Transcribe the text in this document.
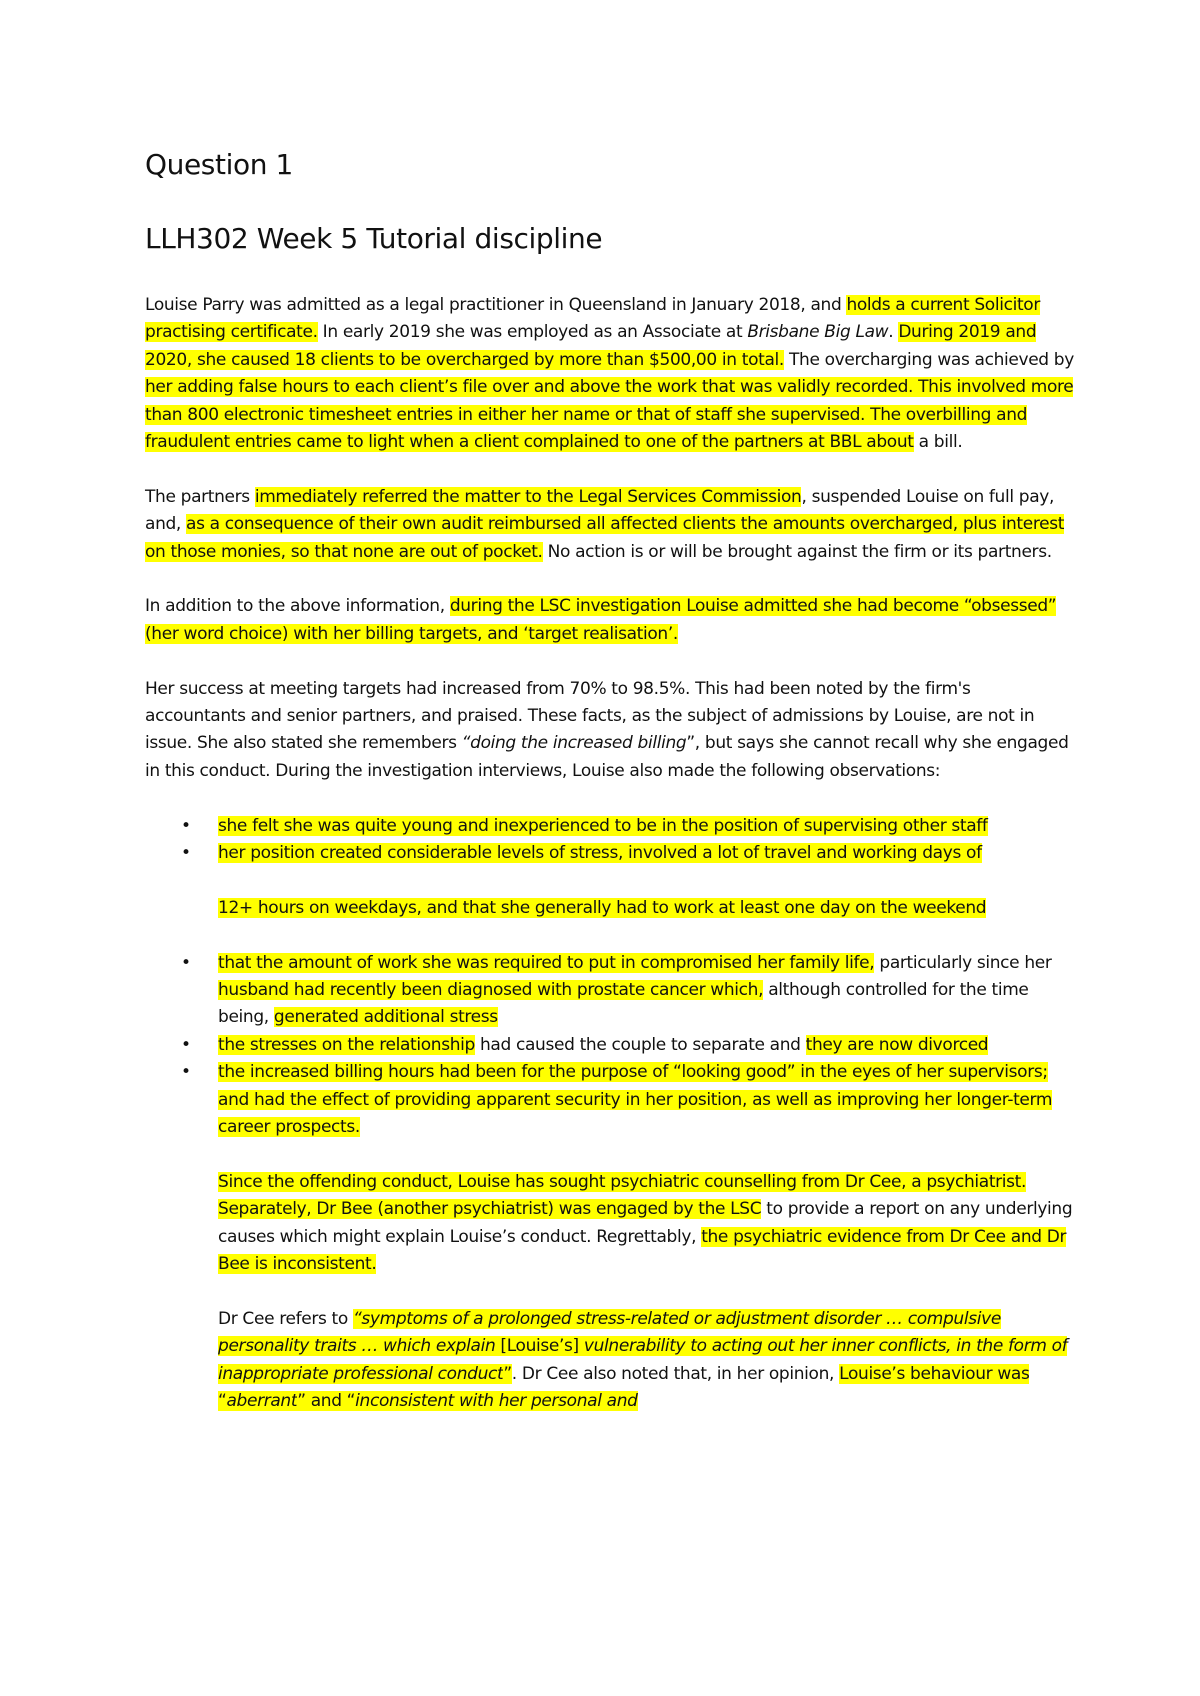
Question 1
LLH302 Week 5 Tutorial discipline

Louise Parry was admitted as a legal practitioner in Queensland in January 2018, and holds a current Solicitor practising certificate. In early 2019 she was employed as an Associate at Brisbane Big Law. During 2019 and 2020, she caused 18 clients to be overcharged by more than $500,00 in total. The overcharging was achieved by her adding false hours to each client’s file over and above the work that was validly recorded. This involved more than 800 electronic timesheet entries in either her name or that of staff she supervised. The overbilling and fraudulent entries came to light when a client complained to one of the partners at BBL about a bill.

The partners immediately referred the matter to the Legal Services Commission, suspended Louise on full pay, and, as a consequence of their own audit reimbursed all affected clients the amounts overcharged, plus interest on those monies, so that none are out of pocket. No action is or will be brought against the firm or its partners.

In addition to the above information, during the LSC investigation Louise admitted she had become “obsessed” (her word choice) with her billing targets, and ‘target realisation’.

Her success at meeting targets had increased from 70% to 98.5%. This had been noted by the firm's accountants and senior partners, and praised. These facts, as the subject of admissions by Louise, are not in issue. She also stated she remembers “doing the increased billing”, but says she cannot recall why she engaged in this conduct. During the investigation interviews, Louise also made the following observations:

• she felt she was quite young and inexperienced to be in the position of supervising other staff
• her position created considerable levels of stress, involved a lot of travel and working days of
12+ hours on weekdays, and that she generally had to work at least one day on the weekend
• that the amount of work she was required to put in compromised her family life, particularly since her husband had recently been diagnosed with prostate cancer which, although controlled for the time being, generated additional stress
• the stresses on the relationship had caused the couple to separate and they are now divorced
• the increased billing hours had been for the purpose of “looking good” in the eyes of her supervisors; and had the effect of providing apparent security in her position, as well as improving her longer-term career prospects.

Since the offending conduct, Louise has sought psychiatric counselling from Dr Cee, a psychiatrist. Separately, Dr Bee (another psychiatrist) was engaged by the LSC to provide a report on any underlying causes which might explain Louise’s conduct. Regrettably, the psychiatric evidence from Dr Cee and Dr Bee is inconsistent.

Dr Cee refers to “symptoms of a prolonged stress-related or adjustment disorder … compulsive personality traits … which explain [Louise’s] vulnerability to acting out her inner conflicts, in the form of inappropriate professional conduct”. Dr Cee also noted that, in her opinion, Louise’s behaviour was “aberrant” and “inconsistent with her personal and
